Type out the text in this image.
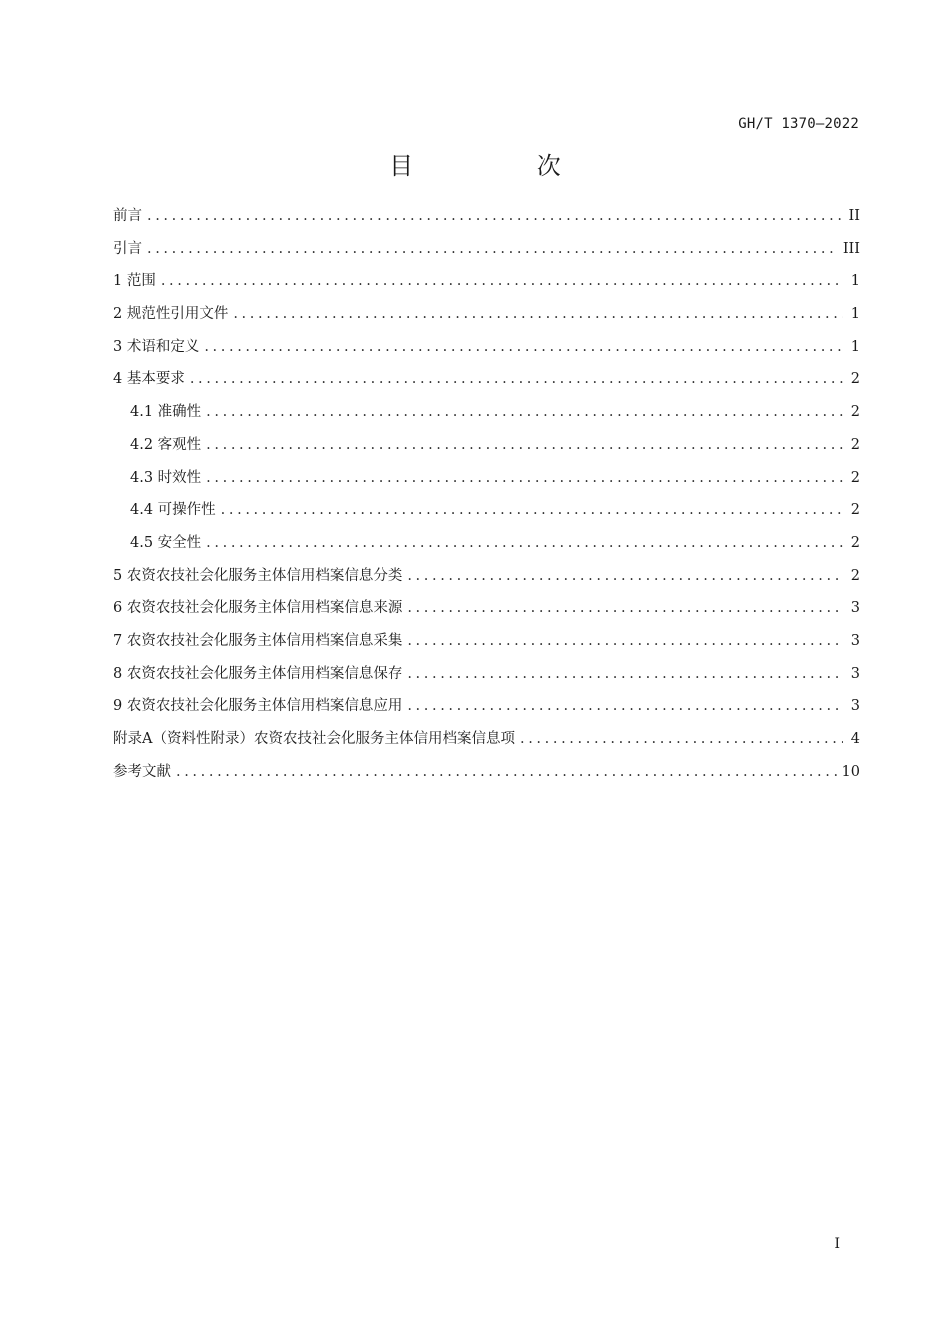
GH/T 1370—2022
目 次
前言 . . .	II
引言 . . .	III
1 范围 . . .	1
2 规范性引用文件 . . .	1
3 术语和定义 . . .	1
4 基本要求 . . .	2
4.1 准确性 . . .	2
4.2 客观性 . . .	2
4.3 时效性 . . .	2
4.4 可操作性 . . .	2
4.5 安全性 . . .	2
5 农资农技社会化服务主体信用档案信息分类 . . .	2
6 农资农技社会化服务主体信用档案信息来源 . . .	3
7 农资农技社会化服务主体信用档案信息采集 . . .	3
8 农资农技社会化服务主体信用档案信息保存 . . .	3
9 农资农技社会化服务主体信用档案信息应用 . . .	3
附录A（资料性附录）农资农技社会化服务主体信用档案信息项 . . .	4
参考文献 . . .	10
I
